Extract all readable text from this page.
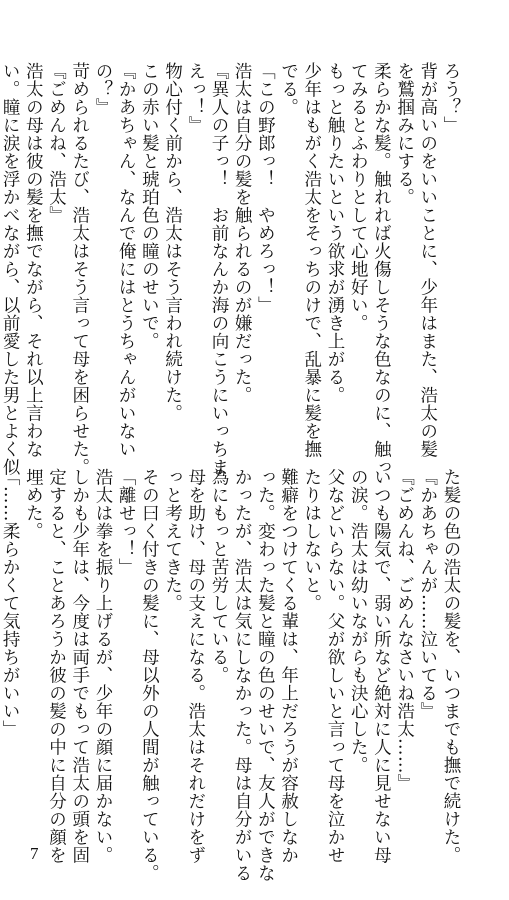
ろう？」
背が高いのをいいことに、少年はまた、浩太の髪
を鷲掴みにする。
柔らかな髪。触れれば火傷しそうな色なのに、触っ
てみるとふわりとして心地好い。
もっと触りたいという欲求が湧き上がる。
少年はもがく浩太をそっちのけで、乱暴に髪を撫
でる。
「この野郎っ！　やめろっ！」
浩太は自分の髪を触られるのが嫌だった。
『異人の子っ！　お前なんか海の向こうにいっちま
えっ！』
物心付く前から、浩太はそう言われ続けた。
この赤い髪と琥珀色の瞳のせいで。
『かあちゃん、なんで俺にはとうちゃんがいない
の？』
苛められるたび、浩太はそう言って母を困らせた。
『ごめんね、浩太』
浩太の母は彼の髪を撫でながら、それ以上言わな
い。瞳に涙を浮かべながら、以前愛した男とよく似
た髪の色の浩太の髪を、いつまでも撫で続けた。
『かあちゃんが……泣いてる』
『ごめんね、ごめんなさいね浩太……』
いつも陽気で、弱い所など絶対に人に見せない母
の涙。浩太は幼いながらも決心した。
父などいらない。父が欲しいと言って母を泣かせ
たりはしないと。
難癖をつけてくる輩は、年上だろうが容赦しなか
った。変わった髪と瞳の色のせいで、友人ができな
かったが、浩太は気にしなかった。母は自分がいる
為にもっと苦労している。
母を助け、母の支えになる。浩太はそれだけをず
っと考えてきた。
その曰く付きの髪に、母以外の人間が触っている。
「離せっ！」
浩太は拳を振り上げるが、少年の顔に届かない。
しかも少年は、今度は両手でもって浩太の頭を固
定すると、ことあろうか彼の髪の中に自分の顔を
埋めた。
「……柔らかくて気持ちがいい」
7
